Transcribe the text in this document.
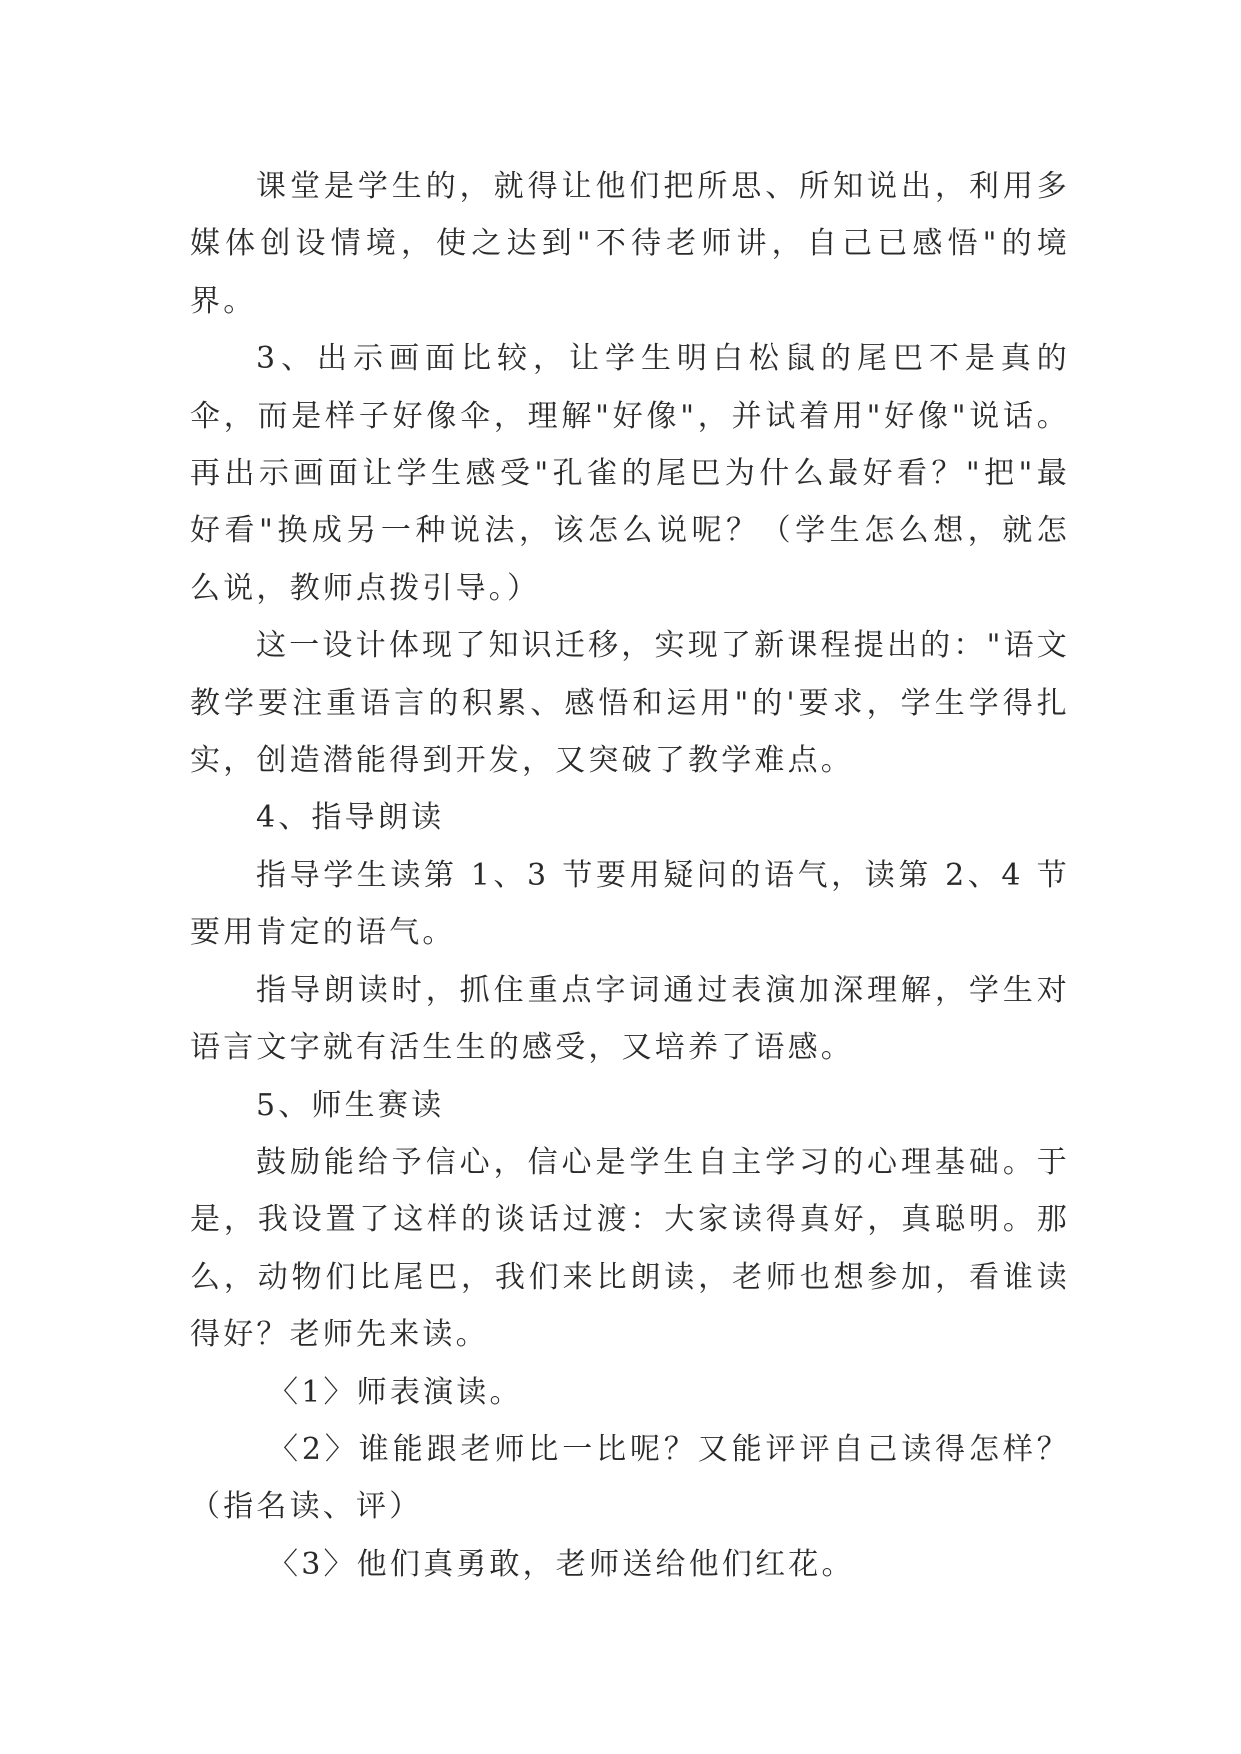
课堂是学生的，就得让他们把所思、所知说出，利用多媒体创设情境，使之达到"不待老师讲，自己已感悟"的境界。

3、出示画面比较，让学生明白松鼠的尾巴不是真的伞，而是样子好像伞，理解"好像"，并试着用"好像"说话。再出示画面让学生感受"孔雀的尾巴为什么最好看？"把"最好看"换成另一种说法，该怎么说呢？（学生怎么想，就怎么说，教师点拨引导。）

这一设计体现了知识迁移，实现了新课程提出的："语文教学要注重语言的积累、感悟和运用"的'要求，学生学得扎实，创造潜能得到开发，又突破了教学难点。

4、指导朗读

指导学生读第 1、3 节要用疑问的语气，读第 2、4 节要用肯定的语气。

指导朗读时，抓住重点字词通过表演加深理解，学生对语言文字就有活生生的感受，又培养了语感。

5、师生赛读

鼓励能给予信心，信心是学生自主学习的心理基础。于是，我设置了这样的谈话过渡：大家读得真好，真聪明。那么，动物们比尾巴，我们来比朗读，老师也想参加，看谁读得好？老师先来读。

〈1〉师表演读。

〈2〉谁能跟老师比一比呢？又能评评自己读得怎样？（指名读、评）

〈3〉他们真勇敢，老师送给他们红花。
